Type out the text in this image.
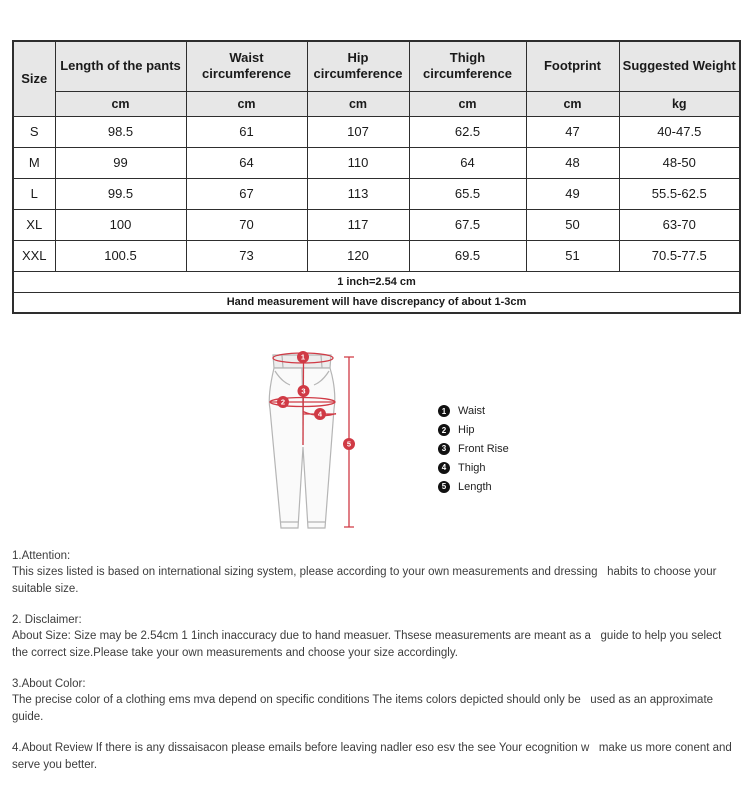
Size	Length of the pants	Waist circumference	Hip circumference	Thigh circumference	Footprint	Suggested Weight
	cm	cm	cm	cm	cm	kg
S	98.5	61	107	62.5	47	40-47.5
M	99	64	110	64	48	48-50
L	99.5	67	113	65.5	49	55.5-62.5
XL	100	70	117	67.5	50	63-70
XXL	100.5	73	120	69.5	51	70.5-77.5
1 inch=2.54 cm						
Hand measurement will have discrepancy of about 1-3cm						
1
3
2
4
5
1	Waist
2	Hip
3	Front Rise
4	Thigh
5	Length
1.Attention:
This sizes listed is based on international sizing system, please according to your own measurements and dressing   habits to choose your suitable size.
2. Disclaimer:
About Size: Size may be 2.54cm 1 1inch inaccuracy due to hand measuer. Thsese measurements are meant as a   guide to help you select the correct size.Please take your own measurements and choose your size accordingly.
3.About Color:
The precise color of a clothing ems mva depend on specific conditions The items colors depicted should only be   used as an approximate guide.
4.About Review If there is any dissaisacon please emails before leaving nadler eso esv the see Your ecognition w   make us more conent and serve you better.
